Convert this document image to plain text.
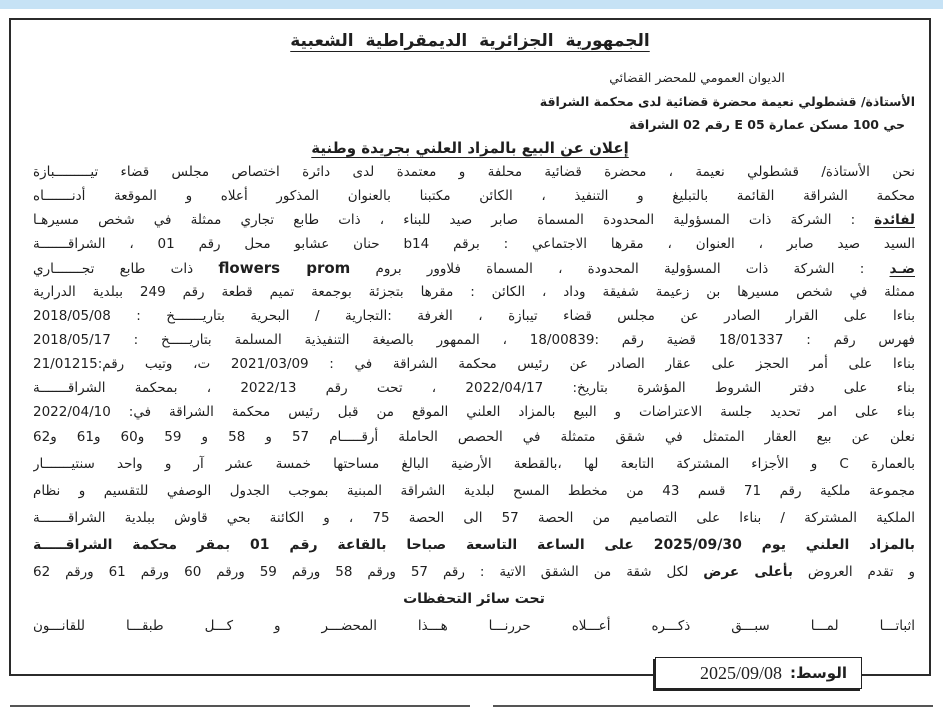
الجمهورية الجزائرية الديمقراطية الشعبية
الديوان العمومي للمحضر القضائي
الأستاذة/ قشطولي نعيمة محضرة قضائية لدى محكمة الشراقة
حي 100 مسكن عمارة E 05 رقم 02 الشراقة
إعلان عن البيع بالمزاد العلني بجريدة وطنية
نحن الأستاذة/ قشطولي نعيمة ، محضرة قضائية محلفة و معتمدة لدى دائرة اختصاص مجلس قضاء تيـــــــــبازة
محكمة الشراقة القائمة بالتبليغ و التنفيذ ، الكائن مكتبنا بالعنوان المذكور أعلاه و الموقعة أدنـــــــاه
لفائدة : الشركة ذات المسؤولية المحدودة المسماة صابر صيد للبناء ، ذات طابع تجاري ممثلة في شخص مسيرهـا
السيد صيد صابر ، العنوان ، مقرها الاجتماعي : برقم b14 حنان عشابو محل رقم 01 ، الشراقـــــــة
ضـد : الشركة ذات المسؤولية المحدودة ، المسماة فلاوور بروم flowers prom ذات طابع تجـــــــاري
ممثلة في شخص مسيرها بن زعيمة شفيقة وداد ، الكائن : مقرها بتجزئة بوجمعة تميم قطعة رقم 249 ببلدية الدرارية
بناءا على القرار الصادر عن مجلس قضاء تيبازة ، الغرفة :التجارية / البحرية بتاريـــــــخ : 2018/05/08
فهرس رقم : 18/01337 قضية رقم :18/00839 ، الممهور بالصيغة التنفيذية المسلمة بتاريـــــخ : 2018/05/17
بناءا على أمر الحجز على عقار الصادر عن رئيس محكمة الشراقة في : 2021/03/09 ت، وتيب رقم:21/01215
بناء على دفتر الشروط المؤشرة بتاريخ: 2022/04/17 ، تحت رقم 2022/13 ، بمحكمة الشراقـــــــة
بناء على امر تحديد جلسة الاعتراضات و البيع بالمزاد العلني الموقع من قبل رئيس محكمة الشراقة في: 2022/04/10
نعلن عن بيع العقار المتمثل في شقق متمثلة في الحصص الحاملة أرقـــــام 57 و 58 و 59 و60 و61 و62
بالعمارة C و الأجزاء المشتركة التابعة لها ،بالقطعة الأرضية البالغ مساحتها خمسة عشر آر و واحد سنتيـــــــار
مجموعة ملكية رقم 71 قسم 43 من مخطط المسح لبلدية الشراقة المبنية بموجب الجدول الوصفي للتقسيم و نظام
الملكية المشتركة / بناءا على التصاميم من الحصة 57 الى الحصة 75 ، و الكائنة بحي قاوش ببلدية الشراقـــــــة
بالمزاد العلني يوم 2025/09/30 على الساعة التاسعة صباحا بالقاعة رقم 01 بمقر محكمة الشراقـــــة
و تقدم العروض بأعلى عرض لكل شقة من الشقق الاتية : رقم 57 ورقم 58 ورقم 59 ورقم 60 ورقم 61 ورقم 62
تحت سائر التحفظات
اثباتـــا لمـــا سبـــق ذكـــره أعـــلاه حررنـــا هـــذا المحضـــر و كـــل طبقـــا للقانـــون
الوسط:
2025/09/08
